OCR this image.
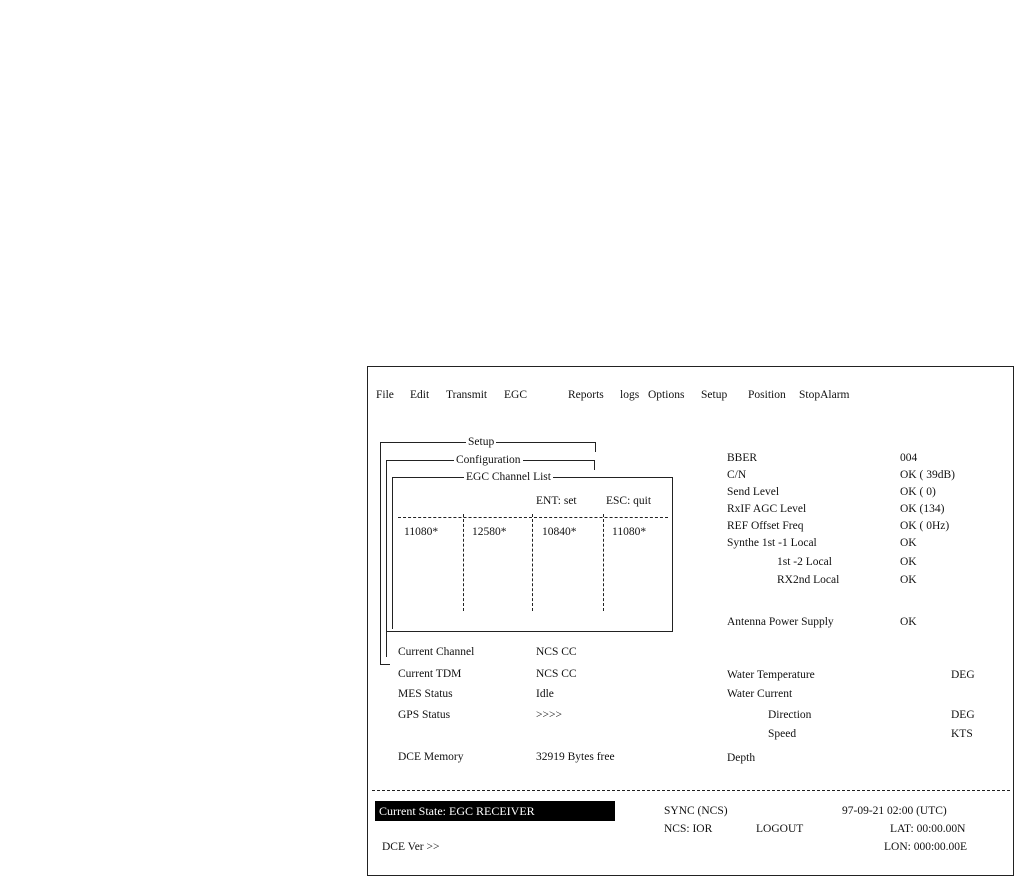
File Edit Transmit EGC	Reports logs Options Setup Position StopAlarm
Setup
Configuration
EGC Channel List
ENT: set	ESC: quit
11080*	12580*	10840*	11080*
Current Channel	NCS CC
Current TDM	NCS CC
MES Status	Idle
GPS Status	>>>>
DCE Memory	32919 Bytes free
BBER	004
C/N	OK ( 39dB)
Send Level	OK ( 0)
RxIF AGC Level	OK (134)
REF Offset Freq	OK ( 0Hz)
Synthe 1st -1 Local	OK
1st -2 Local	OK
RX2nd Local	OK
Antenna Power Supply	OK
Water Temperature	DEG
Water Current
Direction	DEG
Speed	KTS
Depth
Current State: EGC RECEIVER	SYNC (NCS)	97-09-21 02:00 (UTC)
NCS: IOR	LOGOUT	LAT: 00:00.00N
DCE Ver >>	LON: 000:00.00E
